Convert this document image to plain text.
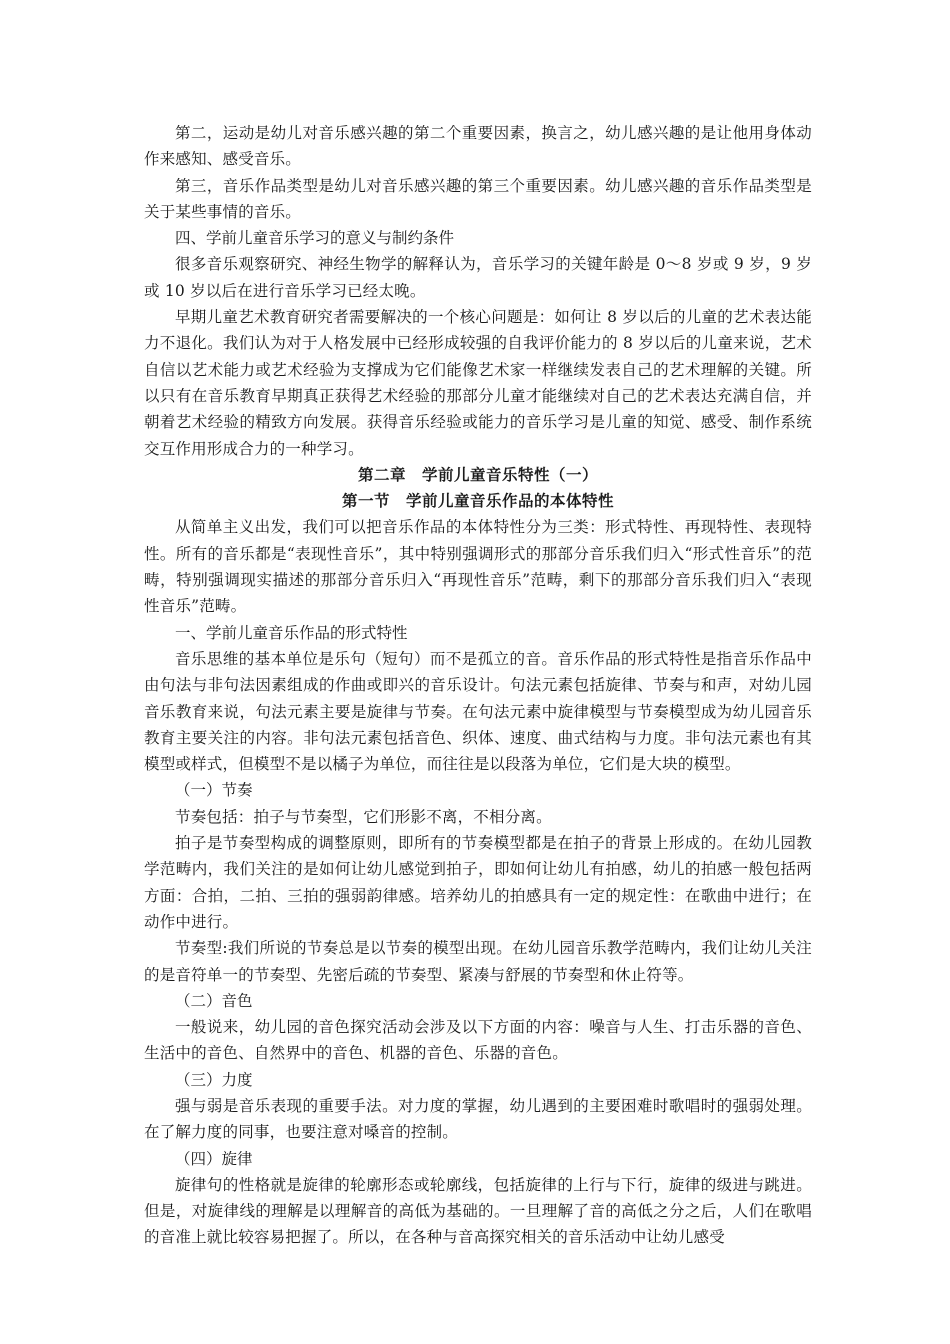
第二，运动是幼儿对音乐感兴趣的第二个重要因素，换言之，幼儿感兴趣的是让他用身体动作来感知、感受音乐。

第三，音乐作品类型是幼儿对音乐感兴趣的第三个重要因素。幼儿感兴趣的音乐作品类型是关于某些事情的音乐。

四、学前儿童音乐学习的意义与制约条件

很多音乐观察研究、神经生物学的解释认为，音乐学习的关键年龄是 0～8 岁或 9 岁，9 岁或 10 岁以后在进行音乐学习已经太晚。

早期儿童艺术教育研究者需要解决的一个核心问题是：如何让 8 岁以后的儿童的艺术表达能力不退化。我们认为对于人格发展中已经形成较强的自我评价能力的 8 岁以后的儿童来说，艺术自信以艺术能力或艺术经验为支撑成为它们能像艺术家一样继续发表自己的艺术理解的关键。所以只有在音乐教育早期真正获得艺术经验的那部分儿童才能继续对自己的艺术表达充满自信，并朝着艺术经验的精致方向发展。获得音乐经验或能力的音乐学习是儿童的知觉、感受、制作系统交互作用形成合力的一种学习。

第二章　学前儿童音乐特性（一）

第一节　学前儿童音乐作品的本体特性

从简单主义出发，我们可以把音乐作品的本体特性分为三类：形式特性、再现特性、表现特性。所有的音乐都是“表现性音乐”，其中特别强调形式的那部分音乐我们归入“形式性音乐”的范畴，特别强调现实描述的那部分音乐归入“再现性音乐”范畴，剩下的那部分音乐我们归入“表现性音乐”范畴。

一、学前儿童音乐作品的形式特性

音乐思维的基本单位是乐句（短句）而不是孤立的音。音乐作品的形式特性是指音乐作品中由句法与非句法因素组成的作曲或即兴的音乐设计。句法元素包括旋律、节奏与和声，对幼儿园音乐教育来说，句法元素主要是旋律与节奏。在句法元素中旋律模型与节奏模型成为幼儿园音乐教育主要关注的内容。非句法元素包括音色、织体、速度、曲式结构与力度。非句法元素也有其模型或样式，但模型不是以橘子为单位，而往往是以段落为单位，它们是大块的模型。

（一）节奏

节奏包括：拍子与节奏型，它们形影不离，不相分离。

拍子是节奏型构成的调整原则，即所有的节奏模型都是在拍子的背景上形成的。在幼儿园教学范畴内，我们关注的是如何让幼儿感觉到拍子，即如何让幼儿有拍感，幼儿的拍感一般包括两方面：合拍，二拍、三拍的强弱韵律感。培养幼儿的拍感具有一定的规定性：在歌曲中进行；在动作中进行。

节奏型:我们所说的节奏总是以节奏的模型出现。在幼儿园音乐教学范畴内，我们让幼儿关注的是音符单一的节奏型、先密后疏的节奏型、紧凑与舒展的节奏型和休止符等。

（二）音色

一般说来，幼儿园的音色探究活动会涉及以下方面的内容：噪音与人生、打击乐器的音色、生活中的音色、自然界中的音色、机器的音色、乐器的音色。

（三）力度

强与弱是音乐表现的重要手法。对力度的掌握，幼儿遇到的主要困难时歌唱时的强弱处理。在了解力度的同事，也要注意对嗓音的控制。

（四）旋律

旋律句的性格就是旋律的轮廓形态或轮廓线，包括旋律的上行与下行，旋律的级进与跳进。但是，对旋律线的理解是以理解音的高低为基础的。一旦理解了音的高低之分之后，人们在歌唱的音准上就比较容易把握了。所以，在各种与音高探究相关的音乐活动中让幼儿感受
